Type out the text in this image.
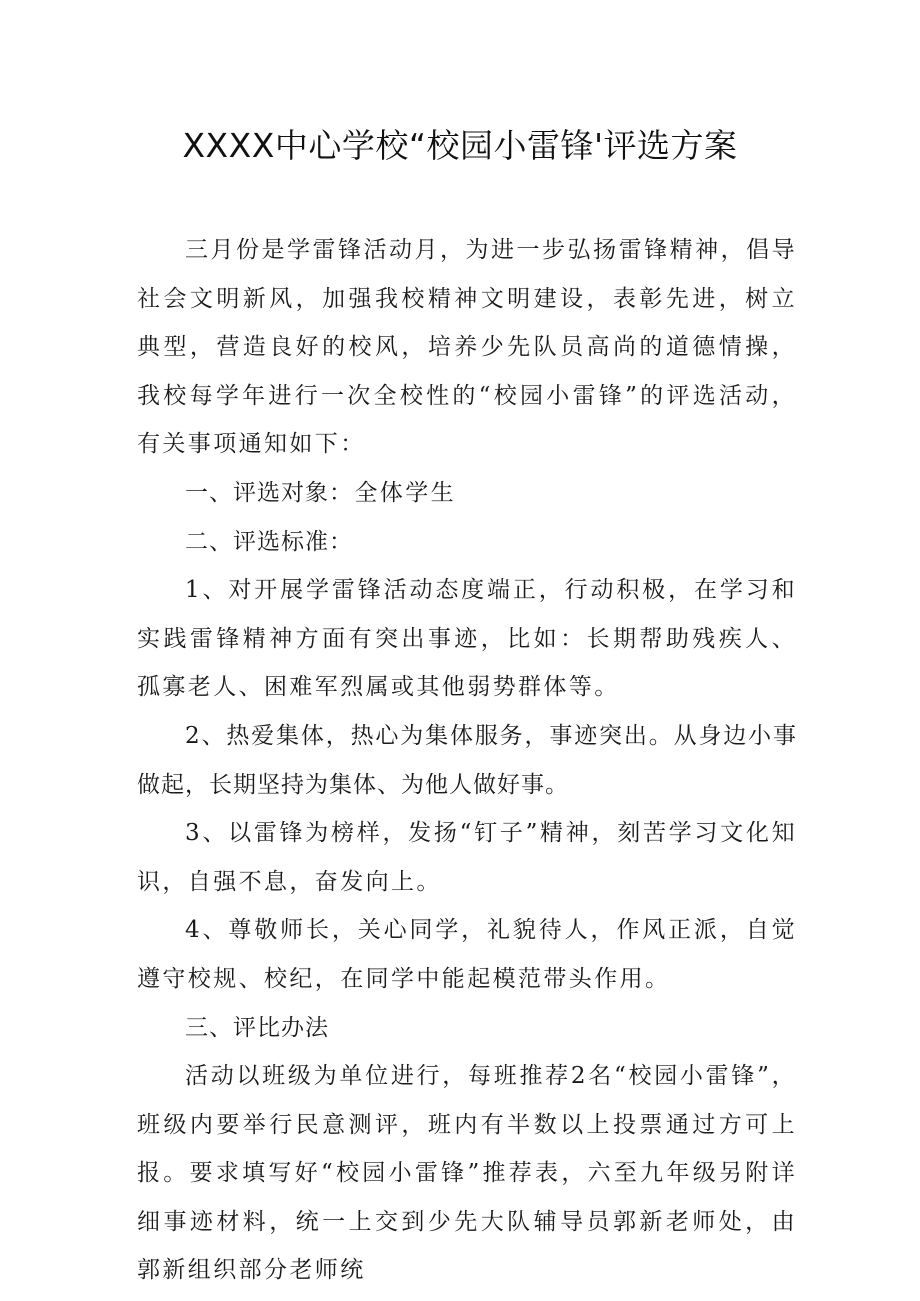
XXXX中心学校“校园小雷锋'评选方案

三月份是学雷锋活动月，为进一步弘扬雷锋精神，倡导社会文明新风，加强我校精神文明建设，表彰先进，树立典型，营造良好的校风，培养少先队员高尚的道德情操，我校每学年进行一次全校性的“校园小雷锋”的评选活动，有关事项通知如下：

一、评选对象：全体学生

二、评选标准：

1、对开展学雷锋活动态度端正，行动积极，在学习和实践雷锋精神方面有突出事迹，比如：长期帮助残疾人、孤寡老人、困难军烈属或其他弱势群体等。

2、热爱集体，热心为集体服务，事迹突出。从身边小事做起，长期坚持为集体、为他人做好事。

3、以雷锋为榜样，发扬“钉子”精神，刻苦学习文化知识，自强不息，奋发向上。

4、尊敬师长，关心同学，礼貌待人，作风正派，自觉遵守校规、校纪，在同学中能起模范带头作用。

三、评比办法

活动以班级为单位进行，每班推荐2名“校园小雷锋”，班级内要举行民意测评，班内有半数以上投票通过方可上报。要求填写好“校园小雷锋”推荐表，六至九年级另附详细事迹材料，统一上交到少先大队辅导员郭新老师处，由郭新组织部分老师统
